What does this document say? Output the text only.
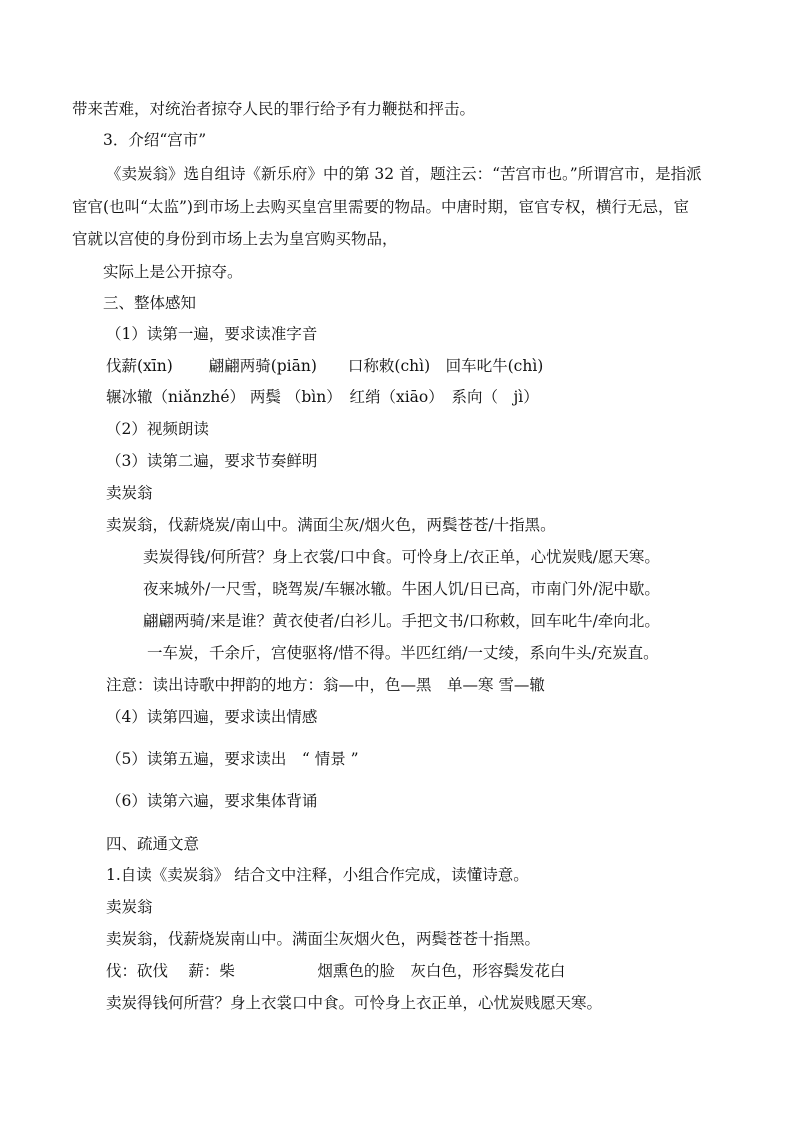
带来苦难，对统治者掠夺人民的罪行给予有力鞭挞和抨击。
3．介绍“宫市”
《卖炭翁》选自组诗《新乐府》中的第 32 首，题注云：“苦宫市也。”所谓宫市，是指派
宦官(也叫“太监”)到市场上去购买皇宫里需要的物品。中唐时期，宦官专权，横行无忌，宦
官就以宫使的身份到市场上去为皇宫购买物品，
实际上是公开掠夺。
三、整体感知
（1）读第一遍，要求读准字音
伐薪(xīn)　　 翩翩两骑(piān)　　口称敕(chì)　回车叱牛(chì)
辗冰辙（niǎnzhé） 两鬓 （bìn）　红绡（xiāo）　系向（　jì）
（2）视频朗读
（3）读第二遍，要求节奏鲜明
卖炭翁
卖炭翁，伐薪烧炭/南山中。满面尘灰/烟火色，两鬓苍苍/十指黑。
卖炭得钱/何所营？身上衣裳/口中食。可怜身上/衣正单，心忧炭贱/愿天寒。
夜来城外/一尺雪，晓驾炭/车辗冰辙。牛困人饥/日已高，市南门外/泥中歇。
翩翩两骑/来是谁？黄衣使者/白衫儿。手把文书/口称敕，回车叱牛/牵向北。
一车炭，千余斤，宫使驱将/惜不得。半匹红绡/一丈绫，系向牛头/充炭直。
注意：读出诗歌中押韵的地方：翁—中，色—黑　单—寒 雪—辙
（4）读第四遍，要求读出情感
（5）读第五遍，要求读出　“ 情景 ”
（6）读第六遍，要求集体背诵
四、疏通文意
1.自读《卖炭翁》 结合文中注释，小组合作完成，读懂诗意。
卖炭翁
卖炭翁，伐薪烧炭南山中。满面尘灰烟火色，两鬓苍苍十指黑。
伐：砍伐　 薪：柴　　　　　 烟熏色的脸　灰白色，形容鬓发花白
卖炭得钱何所营？身上衣裳口中食。可怜身上衣正单，心忧炭贱愿天寒。
